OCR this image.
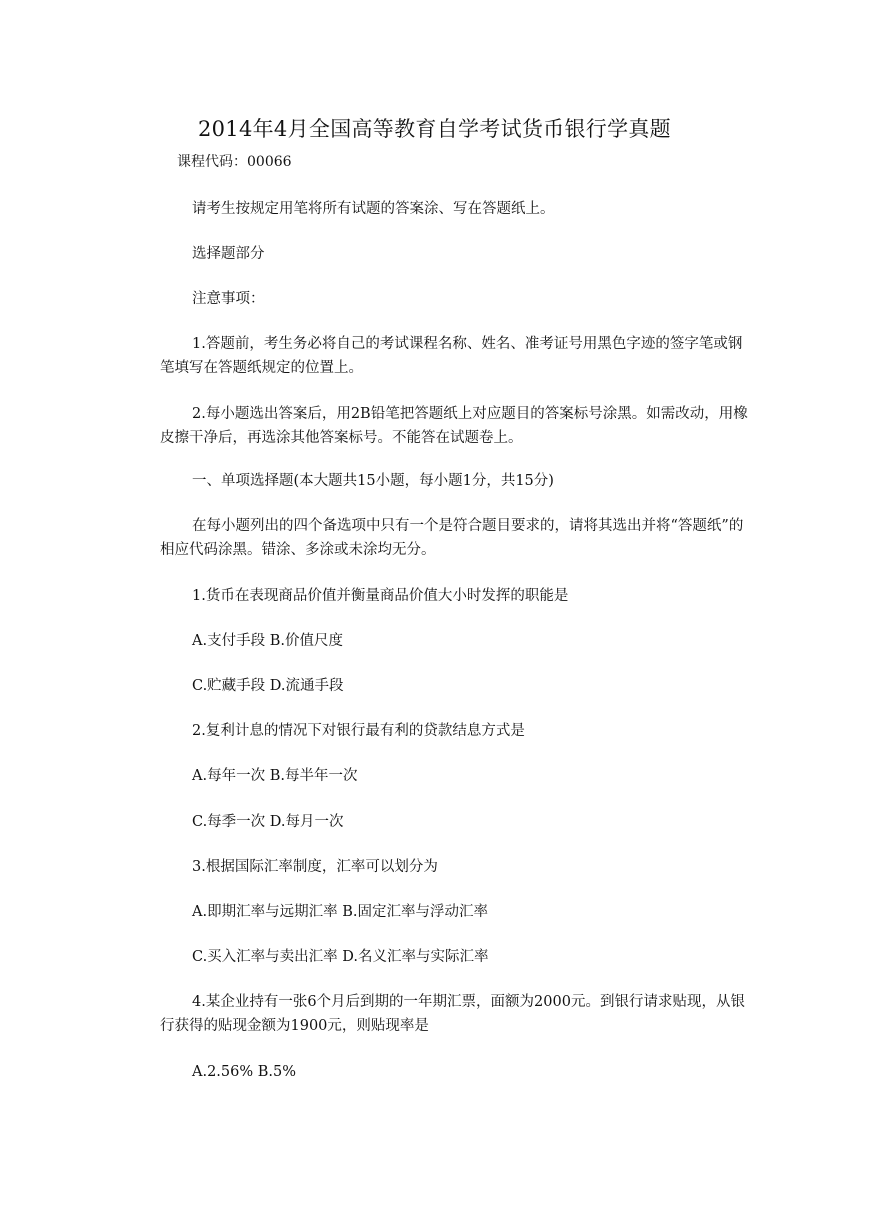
2014年4月全国高等教育自学考试货币银行学真题
课程代码：00066

请考生按规定用笔将所有试题的答案涂、写在答题纸上。

选择题部分

注意事项：

1.答题前，考生务必将自己的考试课程名称、姓名、准考证号用黑色字迹的签字笔或钢笔填写在答题纸规定的位置上。

2.每小题选出答案后，用2B铅笔把答题纸上对应题目的答案标号涂黑。如需改动，用橡皮擦干净后，再选涂其他答案标号。不能答在试题卷上。

一、单项选择题(本大题共15小题，每小题1分，共15分)

在每小题列出的四个备选项中只有一个是符合题目要求的，请将其选出并将“答题纸”的相应代码涂黑。错涂、多涂或未涂均无分。

1.货币在表现商品价值并衡量商品价值大小时发挥的职能是

A.支付手段 B.价值尺度

C.贮藏手段 D.流通手段

2.复利计息的情况下对银行最有利的贷款结息方式是

A.每年一次 B.每半年一次

C.每季一次 D.每月一次

3.根据国际汇率制度，汇率可以划分为

A.即期汇率与远期汇率 B.固定汇率与浮动汇率

C.买入汇率与卖出汇率 D.名义汇率与实际汇率

4.某企业持有一张6个月后到期的一年期汇票，面额为2000元。到银行请求贴现，从银行获得的贴现金额为1900元，则贴现率是

A.2.56% B.5%
